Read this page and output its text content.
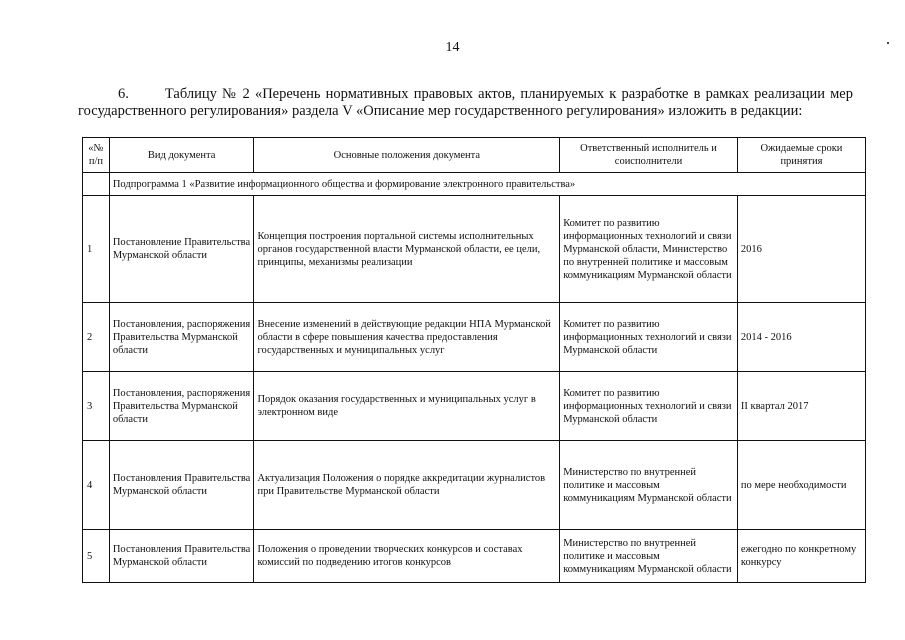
14

6.       Таблицу № 2 «Перечень нормативных правовых актов, планируемых к разработке в рамках реализации мер государственного регулирования» раздела V «Описание мер государственного регулирования» изложить в редакции:

«№ п/п	Вид документа	Основные положения документа	Ответственный исполнитель и соисполнители	Ожидаемые сроки принятия
	Подпрограмма 1 «Развитие информационного общества и формирование электронного правительства»			
1	Постановление Правительства Мурманской области	Концепция построения портальной системы исполнительных органов государственной власти Мурманской области, ее цели, принципы, механизмы реализации	Комитет по развитию информационных технологий и связи Мурманской области, Министерство по внутренней политике и массовым коммуникациям Мурманской области	2016
2	Постановления, распоряжения Правительства Мурманской области	Внесение изменений в действующие редакции НПА Мурманской области в сфере повышения качества предоставления государственных и муниципальных услуг	Комитет по развитию информационных технологий и связи Мурманской области	2014 - 2016
3	Постановления, распоряжения Правительства Мурманской области	Порядок оказания государственных и муниципальных услуг в электронном виде	Комитет по развитию информационных технологий и связи Мурманской области	II квартал 2017
4	Постановления Правительства Мурманской области	Актуализация Положения о порядке аккредитации журналистов при Правительстве Мурманской области	Министерство по внутренней политике и массовым коммуникациям Мурманской области	по мере необходимости
5	Постановления Правительства Мурманской области	Положения о проведении творческих конкурсов и составах комиссий по подведению итогов конкурсов	Министерство по внутренней политике и массовым коммуникациям Мурманской области	ежегодно по конкретному конкурсу
